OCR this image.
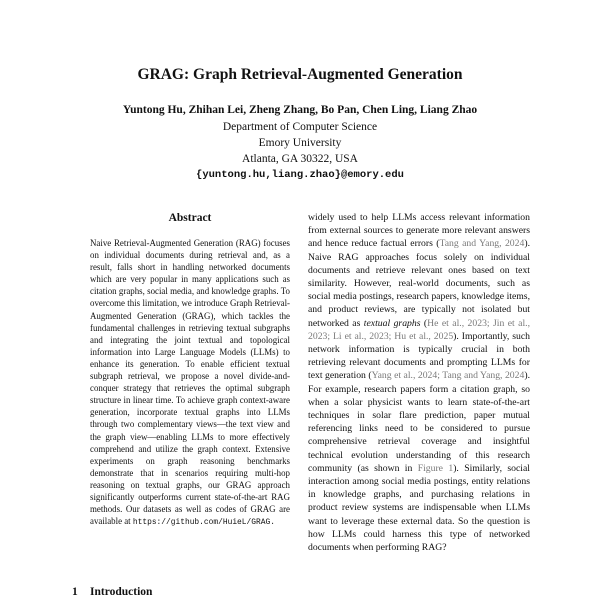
GRAG: Graph Retrieval-Augmented Generation
Yuntong Hu, Zhihan Lei, Zheng Zhang, Bo Pan, Chen Ling, Liang Zhao
Department of Computer Science
Emory University
Atlanta, GA 30322, USA
{yuntong.hu,liang.zhao}@emory.edu
Abstract
Naive Retrieval-Augmented Generation (RAG) focuses on individual documents during retrieval and, as a result, falls short in handling networked documents which are very popular in many applications such as citation graphs, social media, and knowledge graphs. To overcome this limitation, we introduce Graph Retrieval-Augmented Generation (GRAG), which tackles the fundamental challenges in retrieving textual subgraphs and integrating the joint textual and topological information into Large Language Models (LLMs) to enhance its generation. To enable efficient textual subgraph retrieval, we propose a novel divide-and-conquer strategy that retrieves the optimal subgraph structure in linear time. To achieve graph context-aware generation, incorporate textual graphs into LLMs through two complementary views—the text view and the graph view—enabling LLMs to more effectively comprehend and utilize the graph context. Extensive experiments on graph reasoning benchmarks demonstrate that in scenarios requiring multi-hop reasoning on textual graphs, our GRAG approach significantly outperforms current state-of-the-art RAG methods. Our datasets as well as codes of GRAG are available at https://github.com/HuieL/GRAG.
widely used to help LLMs access relevant information from external sources to generate more relevant answers and hence reduce factual errors (Tang and Yang, 2024). Naive RAG approaches focus solely on individual documents and retrieve relevant ones based on text similarity. However, real-world documents, such as social media postings, research papers, knowledge items, and product reviews, are typically not isolated but networked as textual graphs (He et al., 2023; Jin et al., 2023; Li et al., 2023; Hu et al., 2025). Importantly, such network information is typically crucial in both retrieving relevant documents and prompting LLMs for text generation (Yang et al., 2024; Tang and Yang, 2024). For example, research papers form a citation graph, so when a solar physicist wants to learn state-of-the-art techniques in solar flare prediction, paper mutual referencing links need to be considered to pursue comprehensive retrieval coverage and insightful technical evolution understanding of this research community (as shown in Figure 1). Similarly, social interaction among social media postings, entity relations in knowledge graphs, and purchasing relations in product review systems are indispensable when LLMs want to leverage these external data. So the question is how LLMs could harness this type of networked documents when performing RAG?
1 Introduction
